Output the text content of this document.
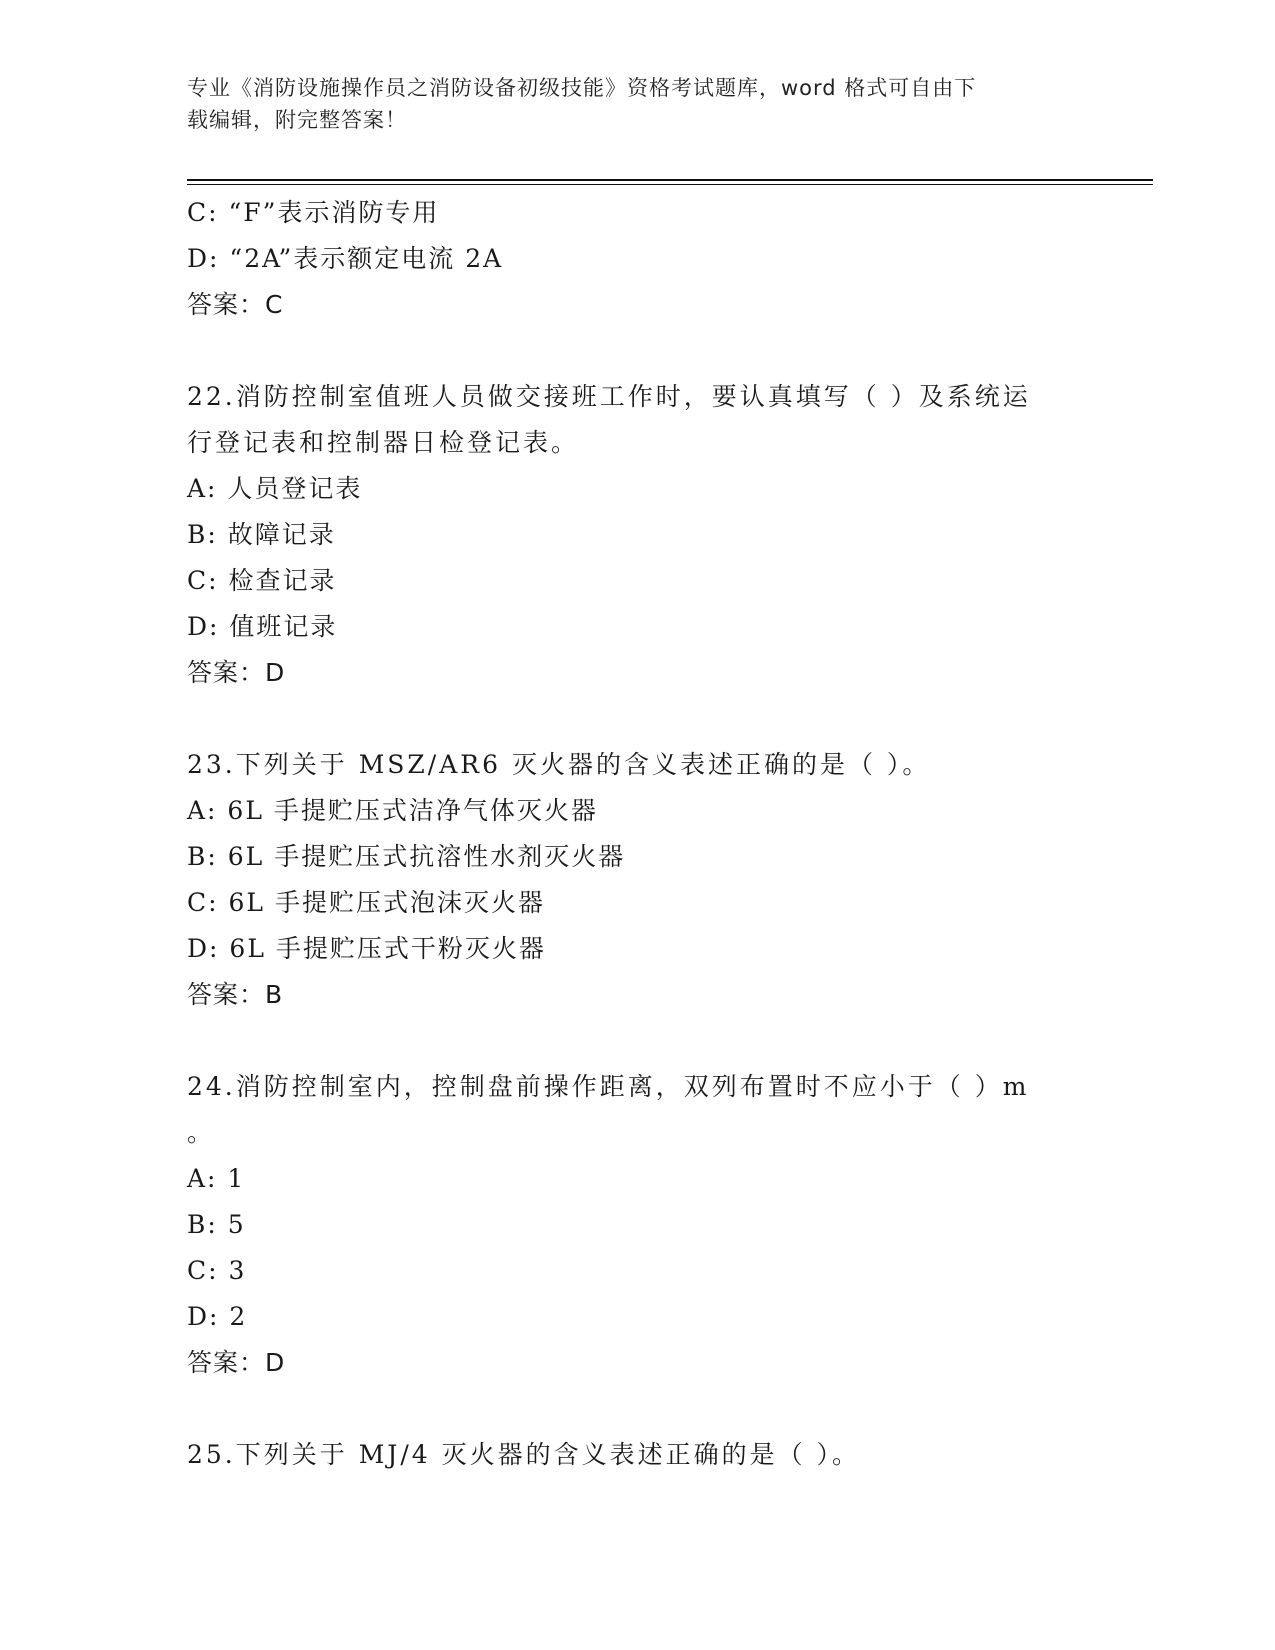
专业《消防设施操作员之消防设备初级技能》资格考试题库，word 格式可自由下

载编辑，附完整答案！

C: “F”表示消防专用
D: “2A”表示额定电流 2A
答案：C
22.消防控制室值班人员做交接班工作时，要认真填写（ ）及系统运
行登记表和控制器日检登记表。
A: 人员登记表
B: 故障记录
C: 检查记录
D: 值班记录
答案：D
23.下列关于 MSZ/AR6 灭火器的含义表述正确的是（ ）。
A: 6L 手提贮压式洁净气体灭火器
B: 6L 手提贮压式抗溶性水剂灭火器
C: 6L 手提贮压式泡沫灭火器
D: 6L 手提贮压式干粉灭火器
答案：B
24.消防控制室内，控制盘前操作距离，双列布置时不应小于（ ）m
。
A: 1
B: 5
C: 3
D: 2
答案：D
25.下列关于 MJ/4 灭火器的含义表述正确的是（ ）。
